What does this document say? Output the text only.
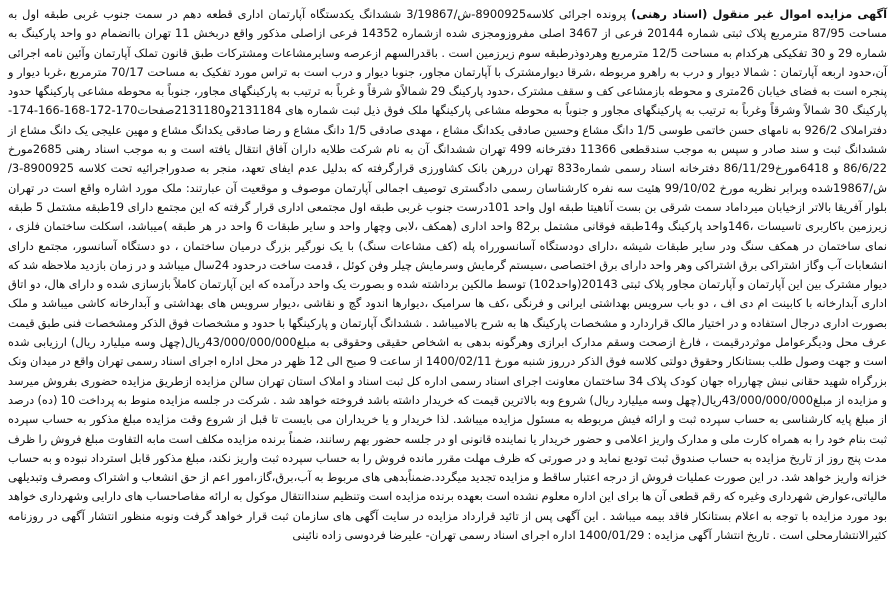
آگهی مزایده اموال غیر منقول (اسناد رهنی) پرونده اجرائی کلاسه8900925-ش/3/19867 ششدانگ یکدستگاه آپارتمان اداری قطعه دهم در سمت جنوب غربی طبقه اول به مساحت 87/95 مترمربع پلاک ثبتی شماره 20144 فرعی از 3467 اصلی مفروزومجزی شده ازشماره 14352 فرعی ازاصلی مذکور واقع دربخش 11 تهران باانضمام دو واحد پارکینگ به شماره 29 و 30 تفکیکی هرکدام به مساحت 12/5 مترمربع وهردوذرطبقه سوم زیرزمین است . باقدرالسهم ازعرصه وسایرمشاعات ومشترکات طبق قانون تملک آپارتمان وآئین نامه اجرائی آن،حدود اربعه آپارتمان : شمالا دیوار و درب به راهرو مربوطه ،شرقا دیوارمشترک با آپارتمان مجاور، جنوبا دیوار و درب است به تراس مورد تفکیک به مساحت 70/17 مترمربع ،غربا دیوار و پنجره است به فضای خیابان 26متری و محوطه بازمشاعی کف و سقف مشترک ،حدود پارکینگ 29 شمالاًو شرقاً و غرباً به ترتیب به پارکینگهای مجاور، جنوباً به محوطه مشاعی پارکینگها حدود پارکینگ 30 شمالاً وشرقاً وغرباً به ترتیب به پارکینگهای مجاور و جنوباً به محوطه مشاعی پارکینگها ملک فوق ذیل ثبت شماره های 2131184و2131180صفحات170-172-168-166-174-دفتراملاک 926/2 به نامهای حسن خاتمی طوسی 1/5 دانگ مشاع وحسین صادقی یکدانگ مشاع ، مهدی صادقی 1/5 دانگ مشاع و رضا صادقی یکدانگ مشاع و مهین علیجی یک دانگ مشاع از ششدانگ ثبت و سند صادر و سپس به موجب سندقطعی 11366 دفترخانه 499 تهران ششدانگ آن به نام شرکت طلایه داران آفاق انتقال یافته است و به موجب اسناد رهنی 2685مورخ 86/6/22 و 6418مورخ86/11/29 دفترخانه اسناد رسمی شماره833 تهران دررهن بانک کشاورزی قرارگرفته که بدلیل عدم ایفای تعهد، منجر به صدوراجرائیه تحت کلاسه 8900925-3/ش/19867شده وبرابر نظریه مورخ 99/10/02 هئیت سه نفره کارشناسان رسمی دادگستری توصیف اجمالی آپارتمان موصوف و موقعیت آن عبارتند: ملک مورد اشاره واقع است در تهران بلوار آفریقا بالاتر ازخیابان میرداماد سمت شرقی بن بست آناهیتا طبقه اول واحد 101درست جنوب غربی طبقه اول مجتمعی اداری قرار گرفته که این مجتمع دارای 19طبقه مشتمل 5 طبقه زیرزمین باکاربری تاسیسات ،146واحد پارکینگ و14طبقه فوقانی مشتمل بر82 واحد اداری (همکف ،لابی وچهار واحد و سایر طبقات 6 واحد در هر طبقه )میباشد، اسکلت ساختمان فلزی ، نمای ساختمان در همکف سنگ ودر سایر طبقات شیشه ،دارای دودستگاه آسانسورراه پله (کف مشاعات سنگ) با یک نورگیر بزرگ درمیان ساختمان ، دو دستگاه آسانسور، مجتمع دارای انشعابات آب وگاز اشتراکی برق اشتراکی وهر واحد دارای برق اختصاصی ،سیستم گرمایش وسرمایش چیلر وفن کوئل ، قدمت ساخت درحدود 24سال میباشد و در زمان بازدید ملاحظه شد که دیوار مشترک بین این آپارتمان و آپارتمان مجاور پلاک ثبتی 20143(واحد102) توسط مالکین برداشته شده و بصورت یک واحد درآمده که این آپارتمان کاملاً بازسازی شده و دارای هال، دو اتاق اداری آبدارخانه با کابینت ام دی اف ، دو باب سرویس بهداشتی ایرانی و فرنگی ،کف ها سرامیک ،دیوارها اندود گچ و نقاشی ،دیوار سرویس های بهداشتی و آبدارخانه کاشی میباشد و ملک بصورت اداری درجال استفاده و در اختیار مالک قراردارد و مشخصات پارکینگ ها به شرح بالامیباشد . ششدانگ آپارتمان و پارکینگها با حدود و مشخصات فوق الذکر ومشخصات فنی طبق قیمت عرف محل ودیگرعوامل موثردرقیمت ، فارغ ازصحت وسقم مدارک ابرازی وهرگونه بدهی به اشخاص حقیقی وحقوقی به مبلغ43/000/000/000ریال(چهل وسه میلیارد ریال) ارزیابی شده است و جهت وصول طلب بستانکار وحقوق دولتی کلاسه فوق الذکر درروز شنبه مورخ 1400/02/11 از ساعت 9 صبح الی 12 ظهر در محل اداره اجرای اسناد رسمی تهران واقع در میدان ونک بزرگراه شهید حقانی نبش چهارراه جهان کودک پلاک 34 ساختمان معاونت اجرای اسناد رسمی اداره کل ثبت اسناد و املاک استان تهران سالن مزایده ازطریق مزایده حضوری بفروش میرسد و مزایده از مبلغ43/000/000/000ریال(چهل وسه میلیارد ریال) شروع وبه بالاترین قیمت که خریدار داشته باشد فروخته خواهد شد . شرکت در جلسه مزایده منوط به پرداخت 10 (ده) درصد از مبلغ پایه کارشناسی به حساب سپرده ثبت و ارائه فیش مربوطه به مسئول مزایده میباشد. لذا خریدار و یا خریداران می بایست تا قبل از شروع وقت مزایده مبلغ مذکور به حساب سپرده ثبت بنام خود را به همراه کارت ملی و مدارک واریز اعلامی و حضور خریدار یا نماینده قانونی او در جلسه حضور بهم رسانند، ضمناً برنده مزایده مکلف است مابه التفاوت مبلغ فروش را ظرف مدت پنج روز از تاریخ مزایده به حساب صندوق ثبت تودیع نماید و در صورتی که ظرف مهلت مقرر مانده فروش را به حساب سپرده ثبت واریز نکند، مبلغ مذکور قابل استرداد نبوده و به حساب خزانه واریز خواهد شد. در این صورت عملیات فروش از درجه اعتبار ساقط و مزایده تجدید میگردد.ضمناًبدهی های مربوط به آب،برق،گاز،امور اعم از حق انشعاب و اشتراک ومصرف وتبدیلهی مالیاتی،عوارض شهرداری وغیره که رقم قطعی آن ها برای این اداره معلوم نشده است بعهده برنده مزایده است وتنظیم سنداانتقال موکول به ارائه مفاصاحساب های دارایی وشهرداری خواهد بود مورد مزایده با توجه به اعلام بستانکار فاقد بیمه میباشد . این آگهی پس از تائید قرارداد مزایده در سایت آگهی های سازمان ثبت قرار خواهد گرفت ونوبه منظور انتشار آگهی در روزنامه کثیرالانتشارمحلی است . تاریخ انتشار آگهی مزایده : 1400/01/29 اداره اجرای اسناد رسمی تهران- علیرضا فردوسی زاده نائینی
